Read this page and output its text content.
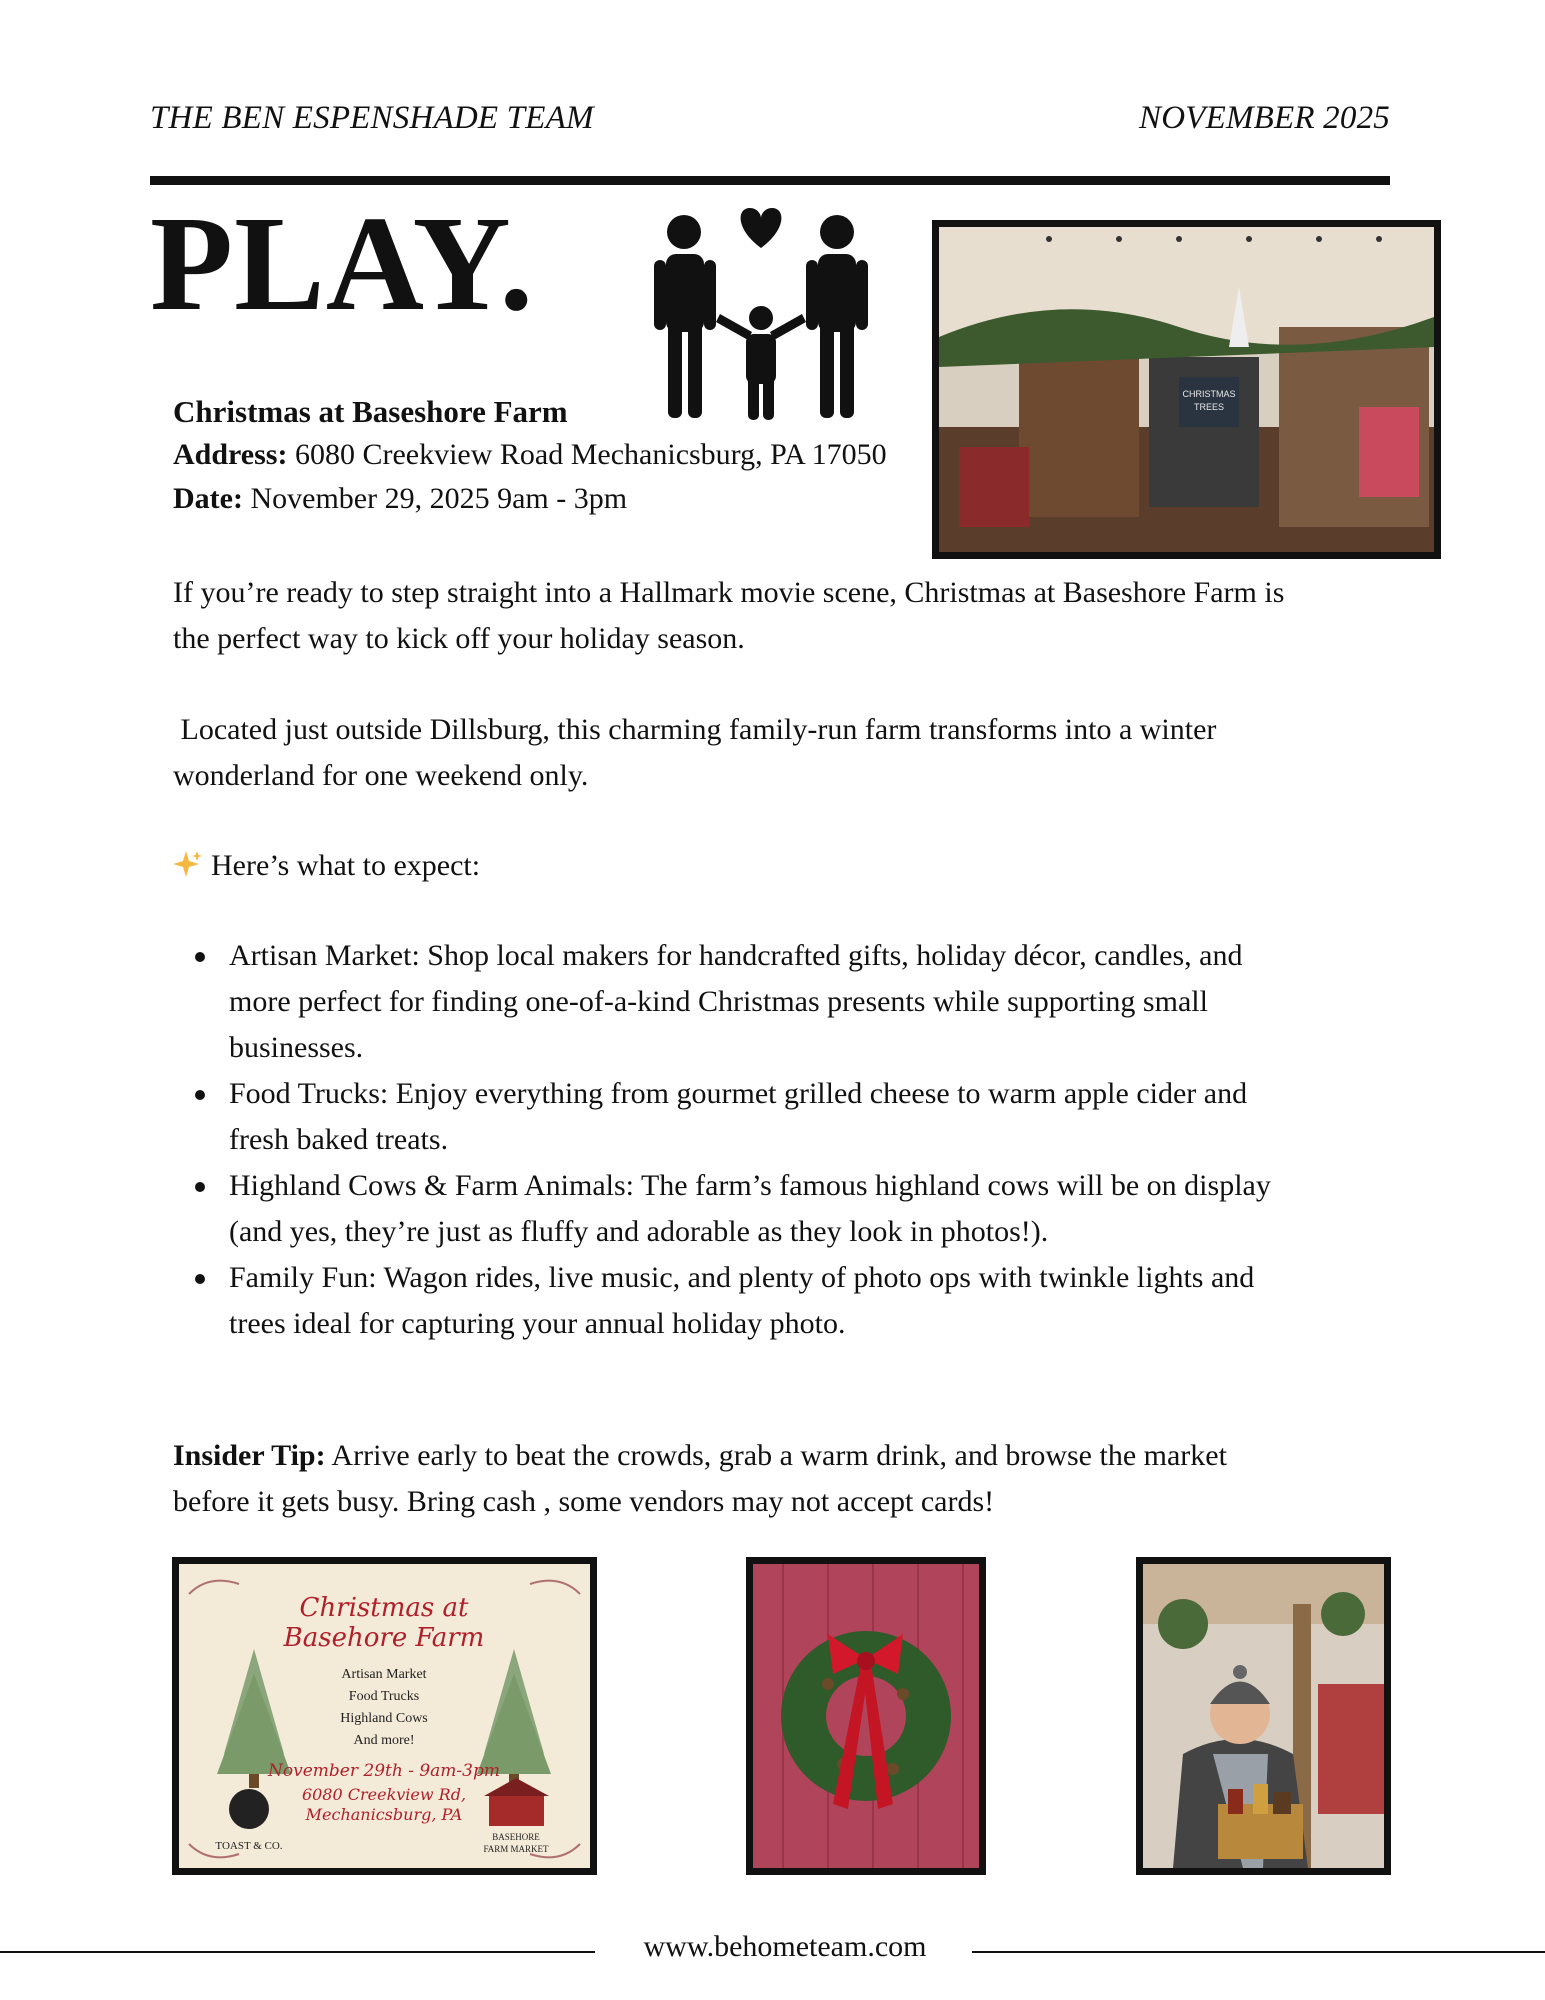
THE BEN ESPENSHADE TEAM	NOVEMBER 2025
PLAY.
CHRISTMAS
TREES
Christmas at Baseshore Farm
Address: 6080 Creekview Road Mechanicsburg, PA 17050
Date: November 29, 2025 9am - 3pm
If you’re ready to step straight into a Hallmark movie scene, Christmas at Baseshore Farm is the perfect way to kick off your holiday season.
Located just outside Dillsburg, this charming family-run farm transforms into a winter wonderland for one weekend only.
Here’s what to expect:
Artisan Market: Shop local makers for handcrafted gifts, holiday décor, candles, and more perfect for finding one-of-a-kind Christmas presents while supporting small businesses.
Food Trucks: Enjoy everything from gourmet grilled cheese to warm apple cider and fresh baked treats.
Highland Cows & Farm Animals: The farm’s famous highland cows will be on display (and yes, they’re just as fluffy and adorable as they look in photos!).
Family Fun: Wagon rides, live music, and plenty of photo ops with twinkle lights and trees ideal for capturing your annual holiday photo.
Insider Tip: Arrive early to beat the crowds, grab a warm drink, and browse the market before it gets busy. Bring cash , some vendors may not accept cards!
Christmas at
Basehore Farm
Artisan Market
Food Trucks
Highland Cows
And more!
November 29th - 9am-3pm
6080 Creekview Rd,
Mechanicsburg, PA
TOAST & CO.
BASEHORE
FARM MARKET
www.behometeam.com
